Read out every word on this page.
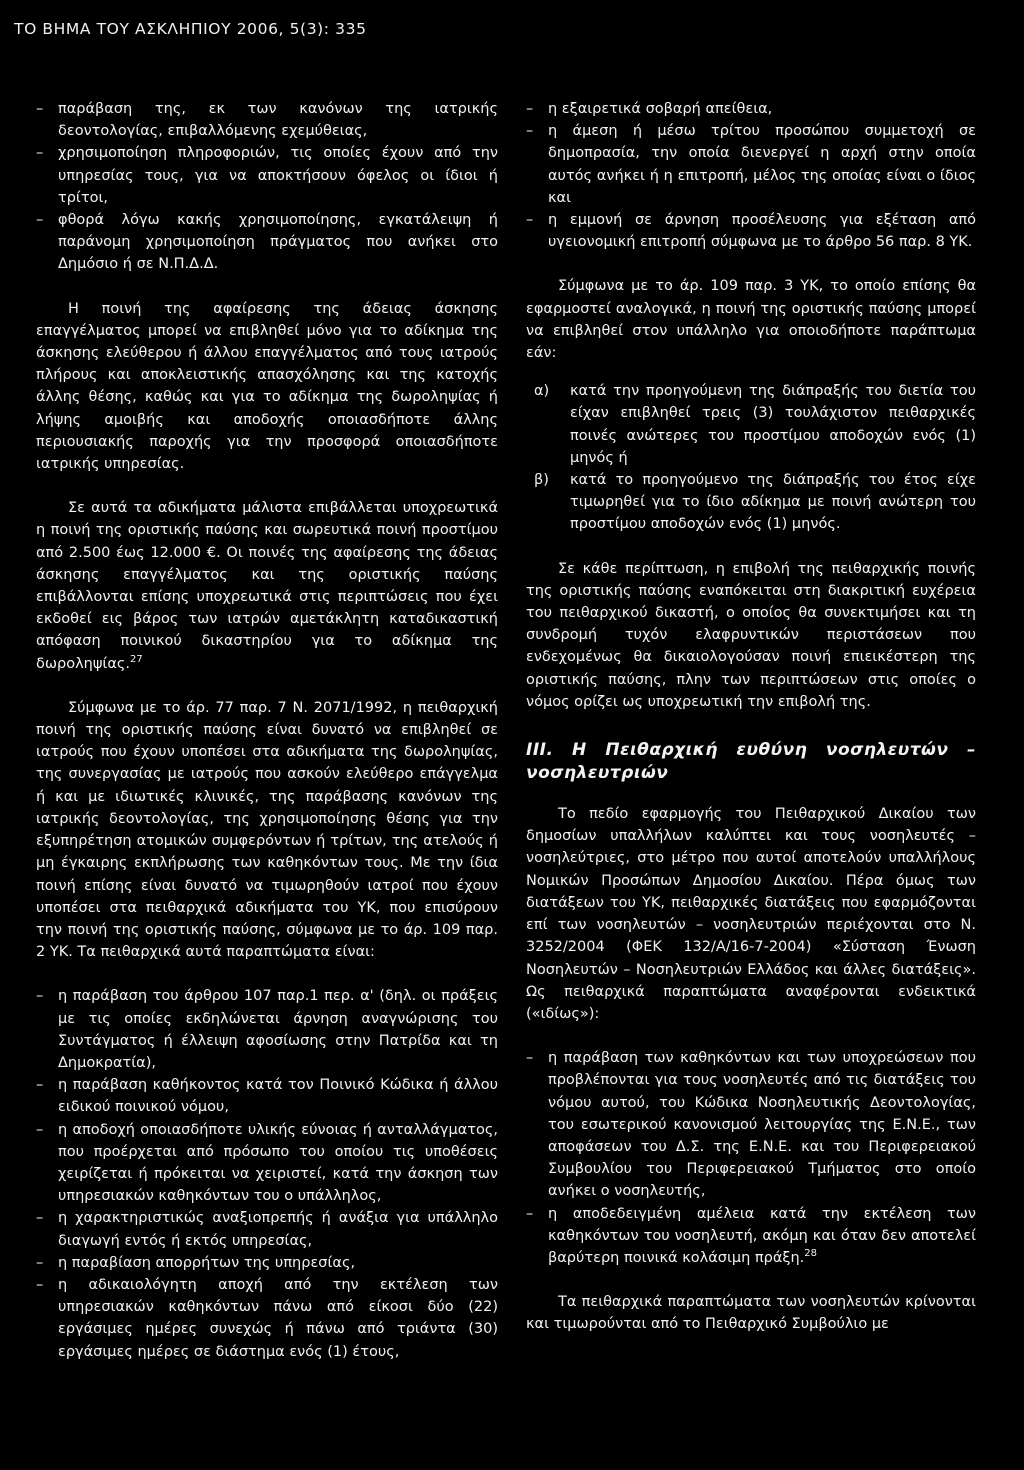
ΤΟ ΒΗΜΑ ΤΟΥ ΑΣΚΛΗΠΙΟΥ 2006, 5(3): 335
– παράβαση της, εκ των κανόνων της ιατρικής δεοντολογίας, επιβαλλόμενης εχεμύθειας,
– χρησιμοποίηση πληροφοριών, τις οποίες έχουν από την υπηρεσίας τους, για να αποκτήσουν όφελος οι ίδιοι ή τρίτοι,
– φθορά λόγω κακής χρησιμοποίησης, εγκατάλειψη ή παράνομη χρησιμοποίηση πράγματος που ανήκει στο Δημόσιο ή σε Ν.Π.Δ.Δ.

Η ποινή της αφαίρεσης της άδειας άσκησης επαγγέλματος μπορεί να επιβληθεί μόνο για το αδίκημα της άσκησης ελεύθερου ή άλλου επαγγέλματος από τους ιατρούς πλήρους και αποκλειστικής απασχόλησης και της κατοχής άλλης θέσης, καθώς και για το αδίκημα της δωροληψίας ή λήψης αμοιβής και αποδοχής οποιασδήποτε άλλης περιουσιακής παροχής για την προσφορά οποιασδήποτε ιατρικής υπηρεσίας.

Σε αυτά τα αδικήματα μάλιστα επιβάλλεται υποχρεωτικά η ποινή της οριστικής παύσης και σωρευτικά ποινή προστίμου από 2.500 έως 12.000 €. Οι ποινές της αφαίρεσης της άδειας άσκησης επαγγέλματος και της οριστικής παύσης επιβάλλονται επίσης υποχρεωτικά στις περιπτώσεις που έχει εκδοθεί εις βάρος των ιατρών αμετάκλητη καταδικαστική απόφαση ποινικού δικαστηρίου για το αδίκημα της δωροληψίας.$^{27}$

Σύμφωνα με το άρ. 77 παρ. 7 Ν. 2071/1992, η πειθαρχική ποινή της οριστικής παύσης είναι δυνατό να επιβληθεί σε ιατρούς που έχουν υποπέσει στα αδικήματα της δωροληψίας, της συνεργασίας με ιατρούς που ασκούν ελεύθερο επάγγελμα ή και με ιδιωτικές κλινικές, της παράβασης κανόνων της ιατρικής δεοντολογίας, της χρησιμοποίησης θέσης για την εξυπηρέτηση ατομικών συμφερόντων ή τρίτων, της ατελούς ή μη έγκαιρης εκπλήρωσης των καθηκόντων τους. Με την ίδια ποινή επίσης είναι δυνατό να τιμωρηθούν ιατροί που έχουν υποπέσει στα πειθαρχικά αδικήματα του ΥΚ, που επισύρουν την ποινή της οριστικής παύσης, σύμφωνα με το άρ. 109 παρ. 2 ΥΚ. Τα πειθαρχικά αυτά παραπτώματα είναι:

– η παράβαση του άρθρου 107 παρ.1 περ. α' (δηλ. οι πράξεις με τις οποίες εκδηλώνεται άρνηση αναγνώρισης του Συντάγματος ή έλλειψη αφοσίωσης στην Πατρίδα και τη Δημοκρατία),
– η παράβαση καθήκοντος κατά τον Ποινικό Κώδικα ή άλλου ειδικού ποινικού νόμου,
– η αποδοχή οποιασδήποτε υλικής εύνοιας ή ανταλλάγματος, που προέρχεται από πρόσωπο του οποίου τις υποθέσεις χειρίζεται ή πρόκειται να χειριστεί, κατά την άσκηση των υπηρεσιακών καθηκόντων του ο υπάλληλος,
– η χαρακτηριστικώς αναξιοπρεπής ή ανάξια για υπάλληλο διαγωγή εντός ή εκτός υπηρεσίας,
– η παραβίαση απορρήτων της υπηρεσίας,
– η αδικαιολόγητη αποχή από την εκτέλεση των υπηρεσιακών καθηκόντων πάνω από είκοσι δύο (22) εργάσιμες ημέρες συνεχώς ή πάνω από τριάντα (30) εργάσιμες ημέρες σε διάστημα ενός (1) έτους,
– η εξαιρετικά σοβαρή απείθεια,
– η άμεση ή μέσω τρίτου προσώπου συμμετοχή σε δημοπρασία, την οποία διενεργεί η αρχή στην οποία αυτός ανήκει ή η επιτροπή, μέλος της οποίας είναι ο ίδιος και
– η εμμονή σε άρνηση προσέλευσης για εξέταση από υγειονομική επιτροπή σύμφωνα με το άρθρο 56 παρ. 8 ΥΚ.

Σύμφωνα με το άρ. 109 παρ. 3 ΥΚ, το οποίο επίσης θα εφαρμοστεί αναλογικά, η ποινή της οριστικής παύσης μπορεί να επιβληθεί στον υπάλληλο για οποιοδήποτε παράπτωμα εάν:

α) κατά την προηγούμενη της διάπραξής του διετία του είχαν επιβληθεί τρεις (3) τουλάχιστον πειθαρχικές ποινές ανώτερες του προστίμου αποδοχών ενός (1) μηνός ή
β) κατά το προηγούμενο της διάπραξής του έτος είχε τιμωρηθεί για το ίδιο αδίκημα με ποινή ανώτερη του προστίμου αποδοχών ενός (1) μηνός.

Σε κάθε περίπτωση, η επιβολή της πειθαρχικής ποινής της οριστικής παύσης εναπόκειται στη διακριτική ευχέρεια του πειθαρχικού δικαστή, ο οποίος θα συνεκτιμήσει και τη συνδρομή τυχόν ελαφρυντικών περιστάσεων που ενδεχομένως θα δικαιολογούσαν ποινή επιεικέστερη της οριστικής παύσης, πλην των περιπτώσεων στις οποίες ο νόμος ορίζει ως υποχρεωτική την επιβολή της.

ΙΙΙ. Η Πειθαρχική ευθύνη νοσηλευτών – νοσηλευτριών

Το πεδίο εφαρμογής του Πειθαρχικού Δικαίου των δημοσίων υπαλλήλων καλύπτει και τους νοσηλευτές – νοσηλεύτριες, στο μέτρο που αυτοί αποτελούν υπαλλήλους Νομικών Προσώπων Δημοσίου Δικαίου. Πέρα όμως των διατάξεων του ΥΚ, πειθαρχικές διατάξεις που εφαρμόζονται επί των νοσηλευτών – νοσηλευτριών περιέχονται στο Ν. 3252/2004 (ΦΕΚ 132/Α/16-7-2004) «Σύσταση Ένωση Νοσηλευτών – Νοσηλευτριών Ελλάδος και άλλες διατάξεις». Ως πειθαρχικά παραπτώματα αναφέρονται ενδεικτικά («ιδίως»):

– η παράβαση των καθηκόντων και των υποχρεώσεων που προβλέπονται για τους νοσηλευτές από τις διατάξεις του νόμου αυτού, του Κώδικα Νοσηλευτικής Δεοντολογίας, του εσωτερικού κανονισμού λειτουργίας της Ε.Ν.Ε., των αποφάσεων του Δ.Σ. της Ε.Ν.Ε. και του Περιφερειακού Συμβουλίου του Περιφερειακού Τμήματος στο οποίο ανήκει ο νοσηλευτής,
– η αποδεδειγμένη αμέλεια κατά την εκτέλεση των καθηκόντων του νοσηλευτή, ακόμη και όταν δεν αποτελεί βαρύτερη ποινικά κολάσιμη πράξη.$^{28}$

Τα πειθαρχικά παραπτώματα των νοσηλευτών κρίνονται και τιμωρούνται από το Πειθαρχικό Συμβούλιο με
